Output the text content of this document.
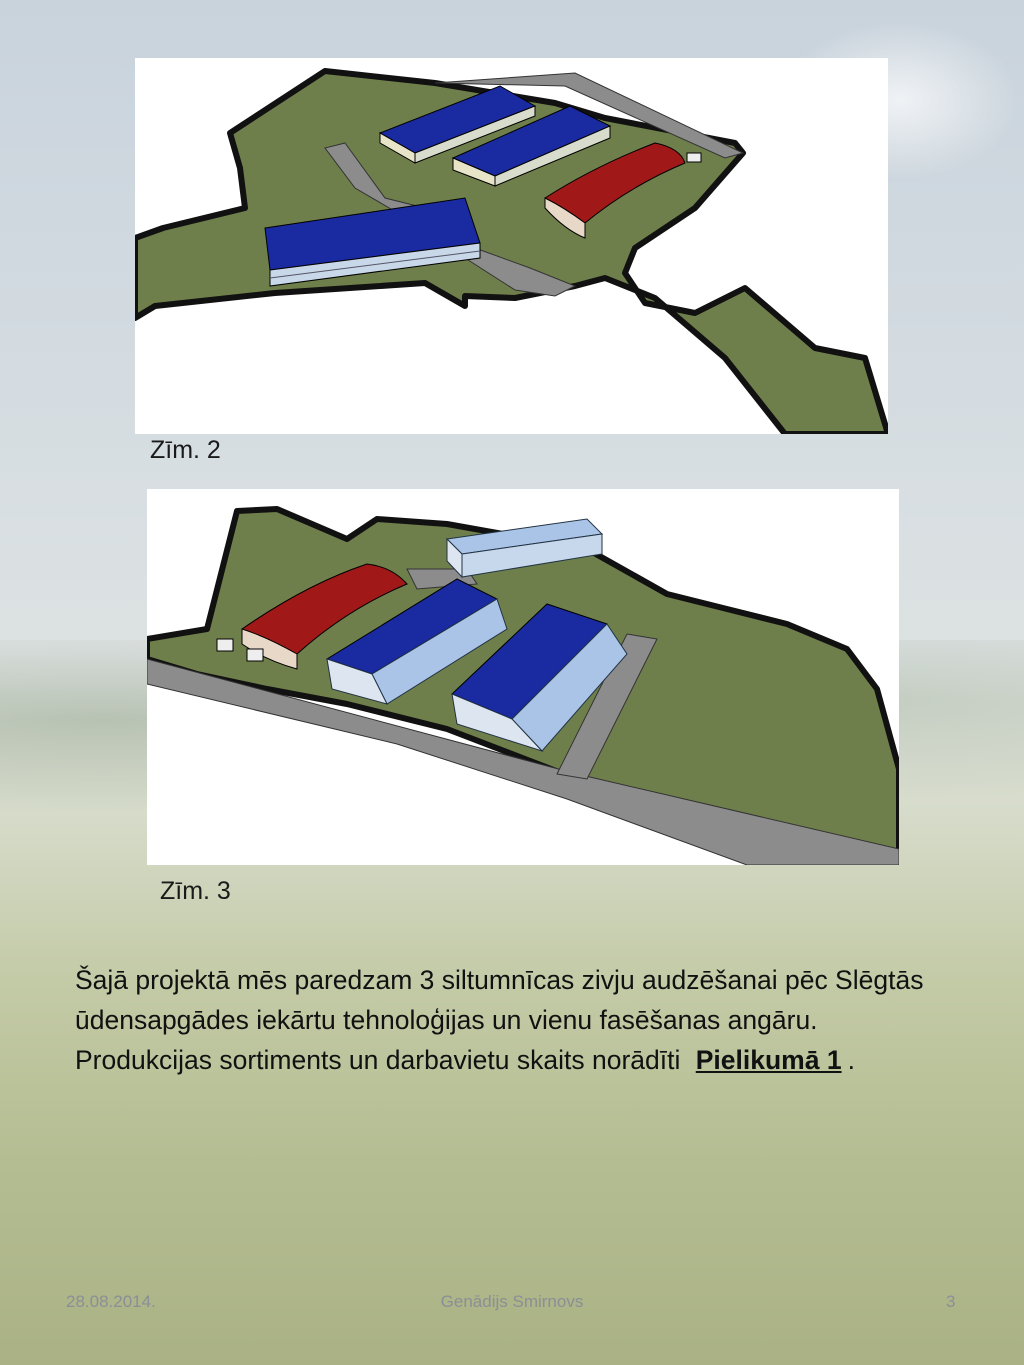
Zīm. 2
Zīm. 3

Šajā projektā mēs paredzam 3 siltumnīcas zivju audzēšanai pēc Slēgtās ūdensapgādes iekārtu tehnoloģijas un vienu fasēšanas angāru.

Produkcijas sortiments un darbavietu skaits norādīti Pielikumā 1 .

28.08.2014.	Genādijs Smirnovs	3
